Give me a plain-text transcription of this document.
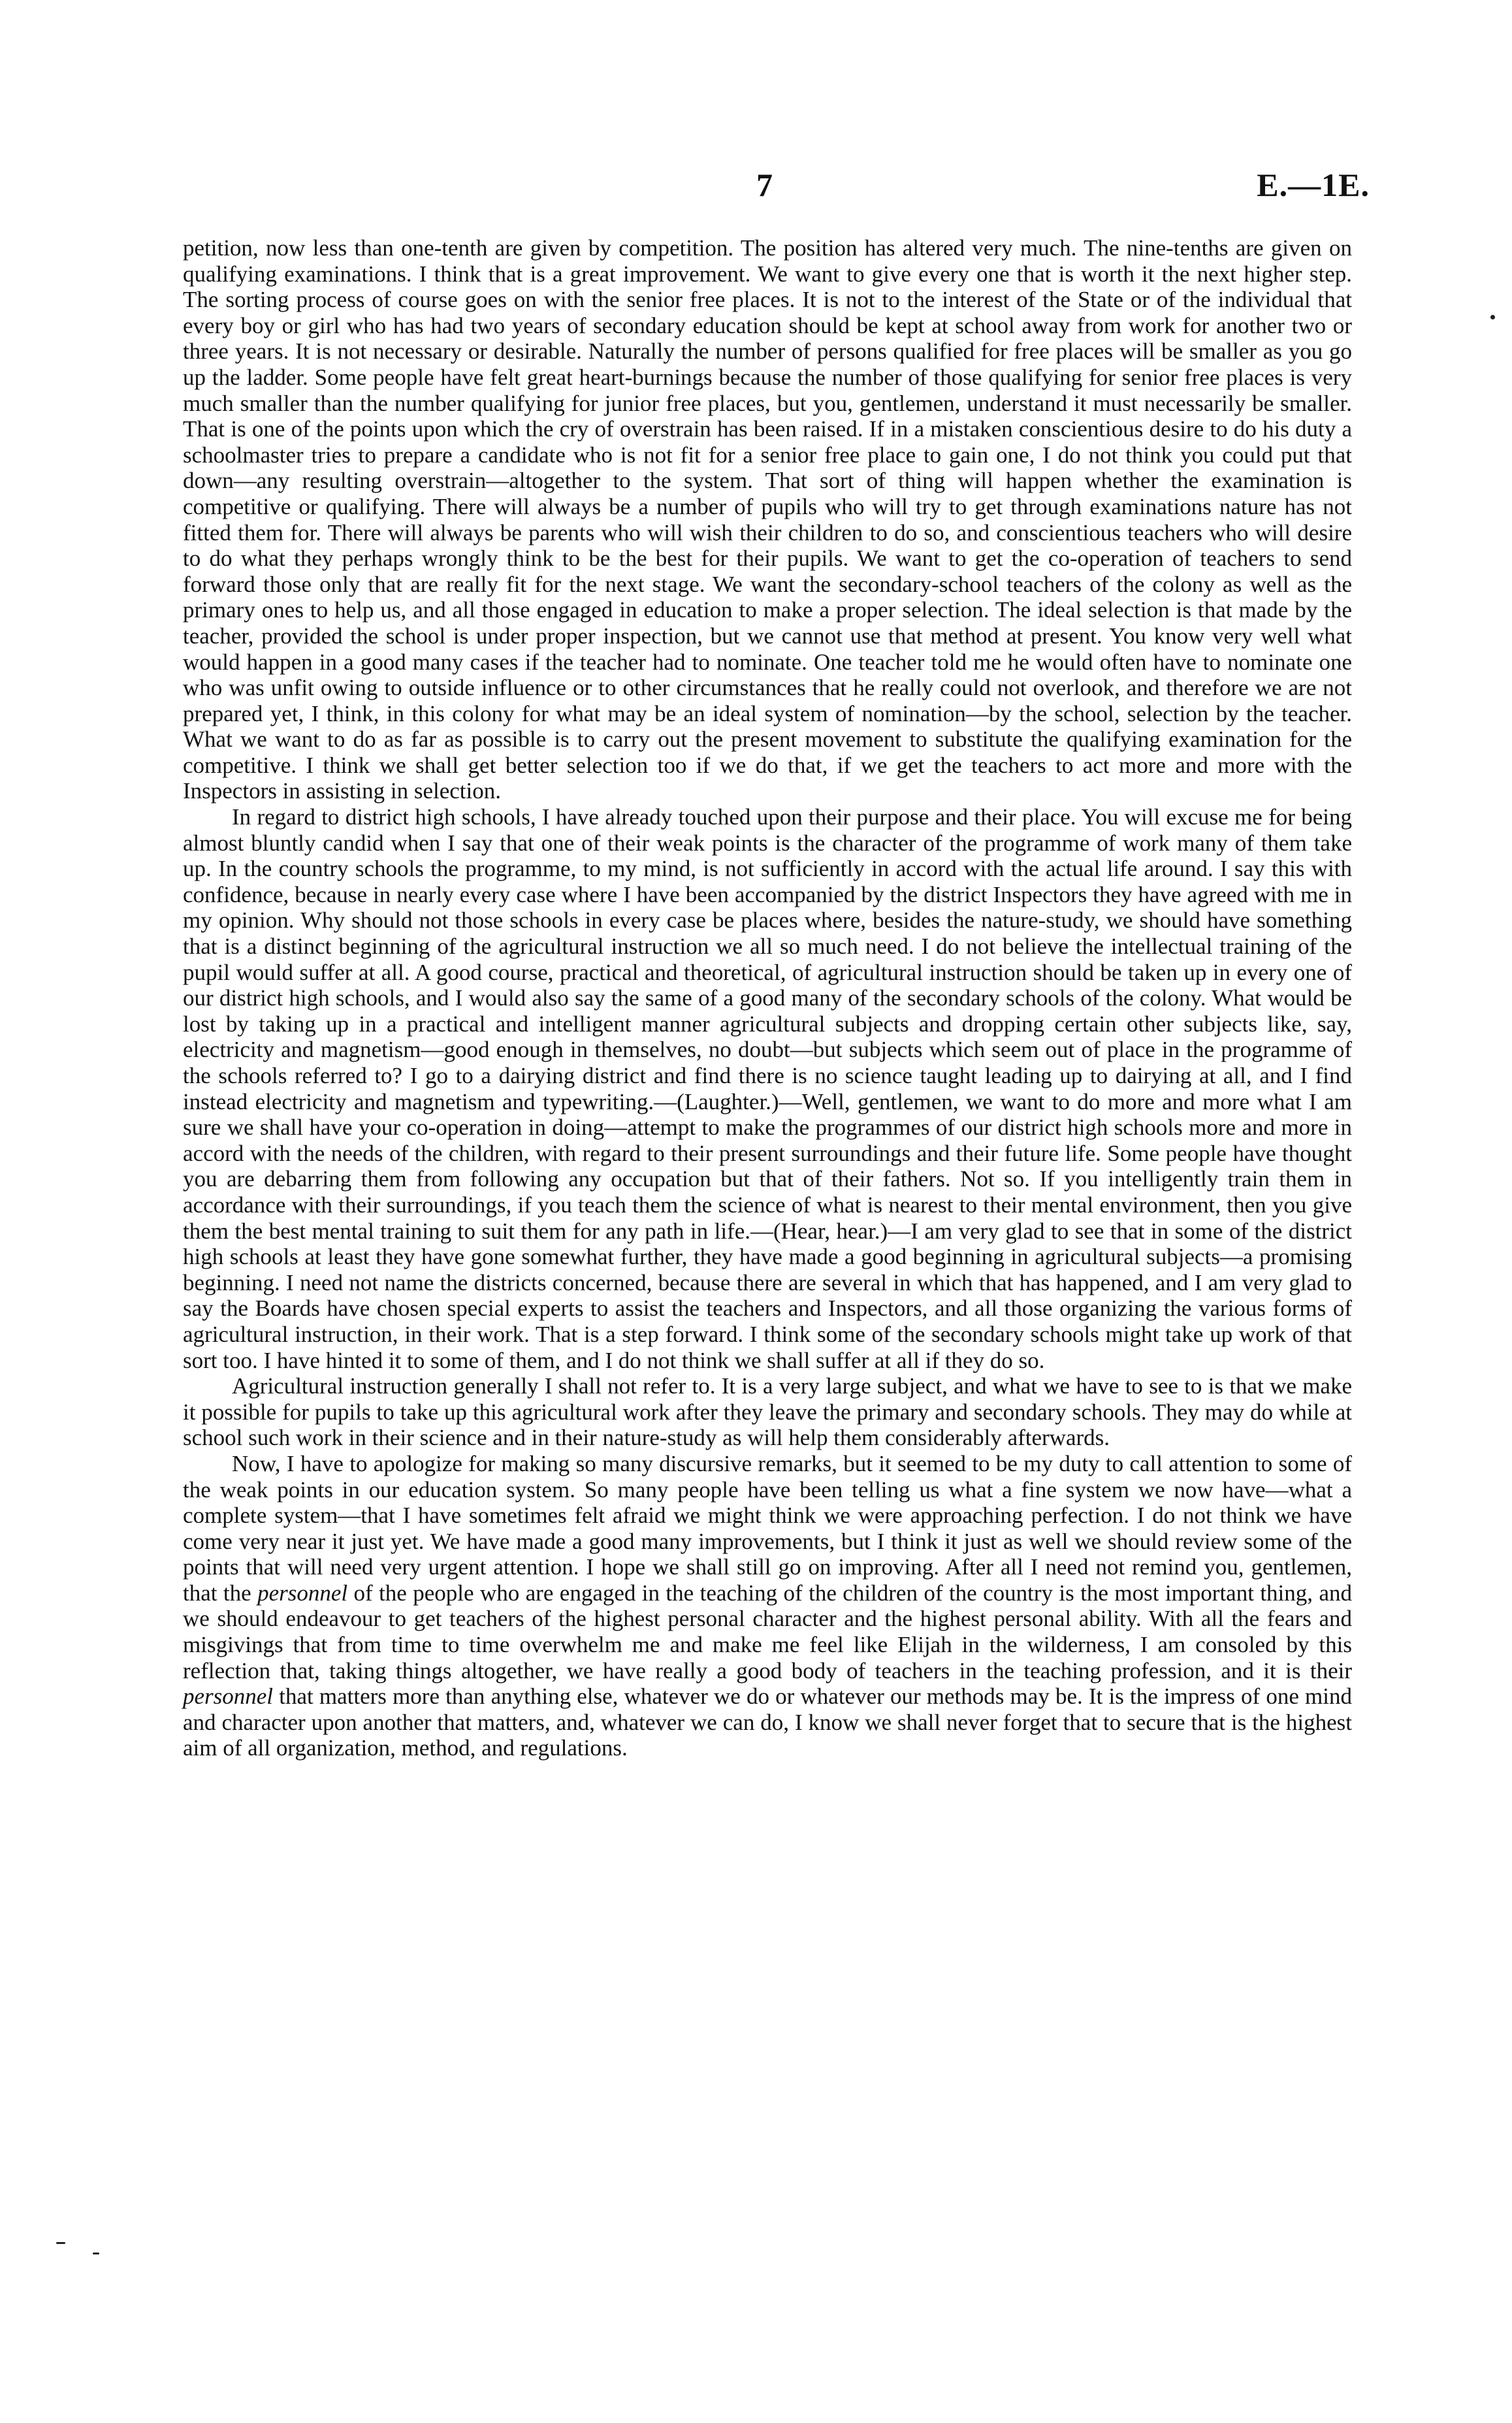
7	E.—1E.

petition, now less than one-tenth are given by competition. The position has altered very much. The nine-tenths are given on qualifying examinations. I think that is a great improvement. We want to give every one that is worth it the next higher step. The sorting process of course goes on with the senior free places. It is not to the interest of the State or of the individual that every boy or girl who has had two years of secondary education should be kept at school away from work for another two or three years. It is not necessary or desirable. Naturally the number of persons qualified for free places will be smaller as you go up the ladder. Some people have felt great heart-burnings because the number of those qualifying for senior free places is very much smaller than the number qualifying for junior free places, but you, gentlemen, understand it must necessarily be smaller. That is one of the points upon which the cry of overstrain has been raised. If in a mistaken conscientious desire to do his duty a schoolmaster tries to prepare a candidate who is not fit for a senior free place to gain one, I do not think you could put that down—any resulting overstrain—altogether to the system. That sort of thing will happen whether the examination is competitive or qualifying. There will always be a number of pupils who will try to get through examinations nature has not fitted them for. There will always be parents who will wish their children to do so, and conscientious teachers who will desire to do what they perhaps wrongly think to be the best for their pupils. We want to get the co-operation of teachers to send forward those only that are really fit for the next stage. We want the secondary-school teachers of the colony as well as the primary ones to help us, and all those engaged in education to make a proper selection. The ideal selection is that made by the teacher, provided the school is under proper inspection, but we cannot use that method at present. You know very well what would happen in a good many cases if the teacher had to nominate. One teacher told me he would often have to nominate one who was unfit owing to outside influence or to other circumstances that he really could not overlook, and therefore we are not prepared yet, I think, in this colony for what may be an ideal system of nomination—by the school, selection by the teacher. What we want to do as far as possible is to carry out the present movement to substitute the qualifying examination for the competitive. I think we shall get better selection too if we do that, if we get the teachers to act more and more with the Inspectors in assisting in selection.

In regard to district high schools, I have already touched upon their purpose and their place. You will excuse me for being almost bluntly candid when I say that one of their weak points is the character of the programme of work many of them take up. In the country schools the programme, to my mind, is not sufficiently in accord with the actual life around. I say this with confidence, because in nearly every case where I have been accompanied by the district Inspectors they have agreed with me in my opinion. Why should not those schools in every case be places where, besides the nature-study, we should have something that is a distinct beginning of the agricultural instruction we all so much need. I do not believe the intellectual training of the pupil would suffer at all. A good course, practical and theoretical, of agricultural instruction should be taken up in every one of our district high schools, and I would also say the same of a good many of the secondary schools of the colony. What would be lost by taking up in a practical and intelligent manner agricultural subjects and dropping certain other subjects like, say, electricity and magnetism—good enough in themselves, no doubt—but subjects which seem out of place in the programme of the schools referred to? I go to a dairying district and find there is no science taught leading up to dairying at all, and I find instead electricity and magnetism and typewriting.—(Laughter.)—Well, gentlemen, we want to do more and more what I am sure we shall have your co-operation in doing—attempt to make the programmes of our district high schools more and more in accord with the needs of the children, with regard to their present surroundings and their future life. Some people have thought you are debarring them from following any occupation but that of their fathers. Not so. If you intelligently train them in accordance with their surroundings, if you teach them the science of what is nearest to their mental environment, then you give them the best mental training to suit them for any path in life.—(Hear, hear.)—I am very glad to see that in some of the district high schools at least they have gone somewhat further, they have made a good beginning in agricultural subjects—a promising beginning. I need not name the districts concerned, because there are several in which that has happened, and I am very glad to say the Boards have chosen special experts to assist the teachers and Inspectors, and all those organizing the various forms of agricultural instruction, in their work. That is a step forward. I think some of the secondary schools might take up work of that sort too. I have hinted it to some of them, and I do not think we shall suffer at all if they do so.

Agricultural instruction generally I shall not refer to. It is a very large subject, and what we have to see to is that we make it possible for pupils to take up this agricultural work after they leave the primary and secondary schools. They may do while at school such work in their science and in their nature-study as will help them considerably afterwards.

Now, I have to apologize for making so many discursive remarks, but it seemed to be my duty to call attention to some of the weak points in our education system. So many people have been telling us what a fine system we now have—what a complete system—that I have sometimes felt afraid we might think we were approaching perfection. I do not think we have come very near it just yet. We have made a good many improvements, but I think it just as well we should review some of the points that will need very urgent attention. I hope we shall still go on improving. After all I need not remind you, gentlemen, that the personnel of the people who are engaged in the teaching of the children of the country is the most important thing, and we should endeavour to get teachers of the highest personal character and the highest personal ability. With all the fears and misgivings that from time to time overwhelm me and make me feel like Elijah in the wilderness, I am consoled by this reflection that, taking things altogether, we have really a good body of teachers in the teaching profession, and it is their personnel that matters more than anything else, whatever we do or whatever our methods may be. It is the impress of one mind and character upon another that matters, and, whatever we can do, I know we shall never forget that to secure that is the highest aim of all organization, method, and regulations.
